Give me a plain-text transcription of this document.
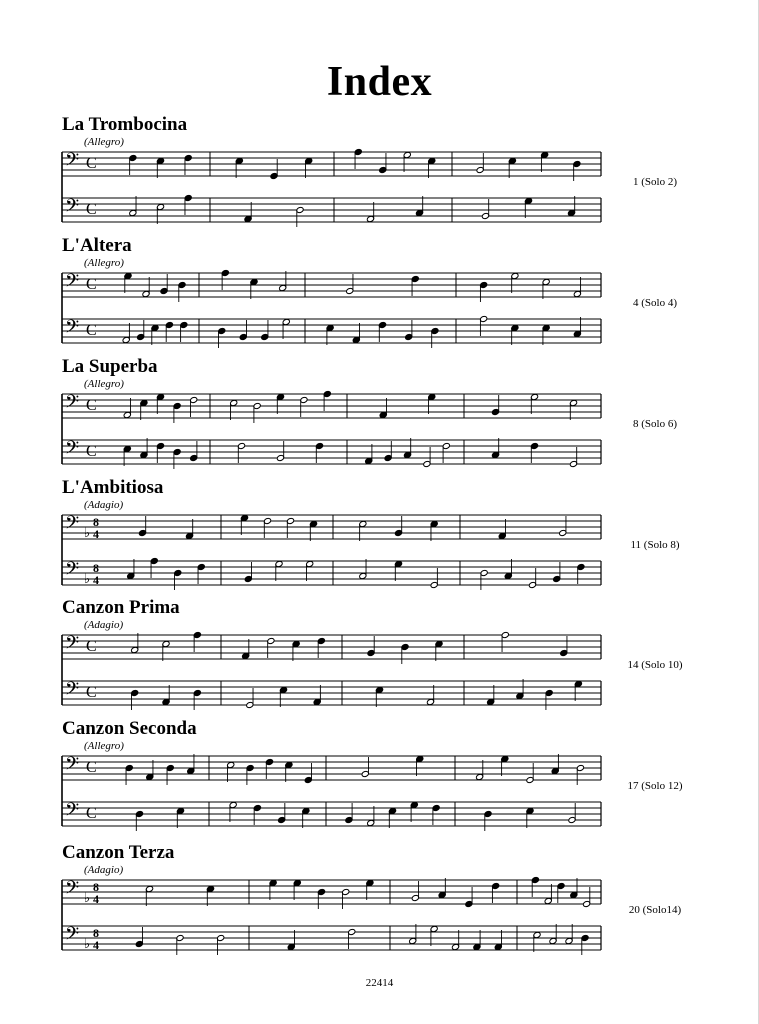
Index
La Trombocina
(Allegro)
1 (Solo 2)
𝄢 C
𝄢 C
L'Altera
(Allegro)
4 (Solo 4)
𝄢 C
𝄢 C
La Superba
(Allegro)
8 (Solo 6)
𝄢 C
𝄢 C
L'Ambitiosa
(Adagio)
11 (Solo 8)
𝄢 ♭
8
4
𝄢 ♭
8
4
Canzon Prima
(Adagio)
14 (Solo 10)
𝄢 C
𝄢 C
Canzon Seconda
(Allegro)
17 (Solo 12)
𝄢 C
𝄢 C
Canzon Terza
(Adagio)
20 (Solo14)
𝄢 ♭
8
4
𝄢 ♭
8
4
22414
